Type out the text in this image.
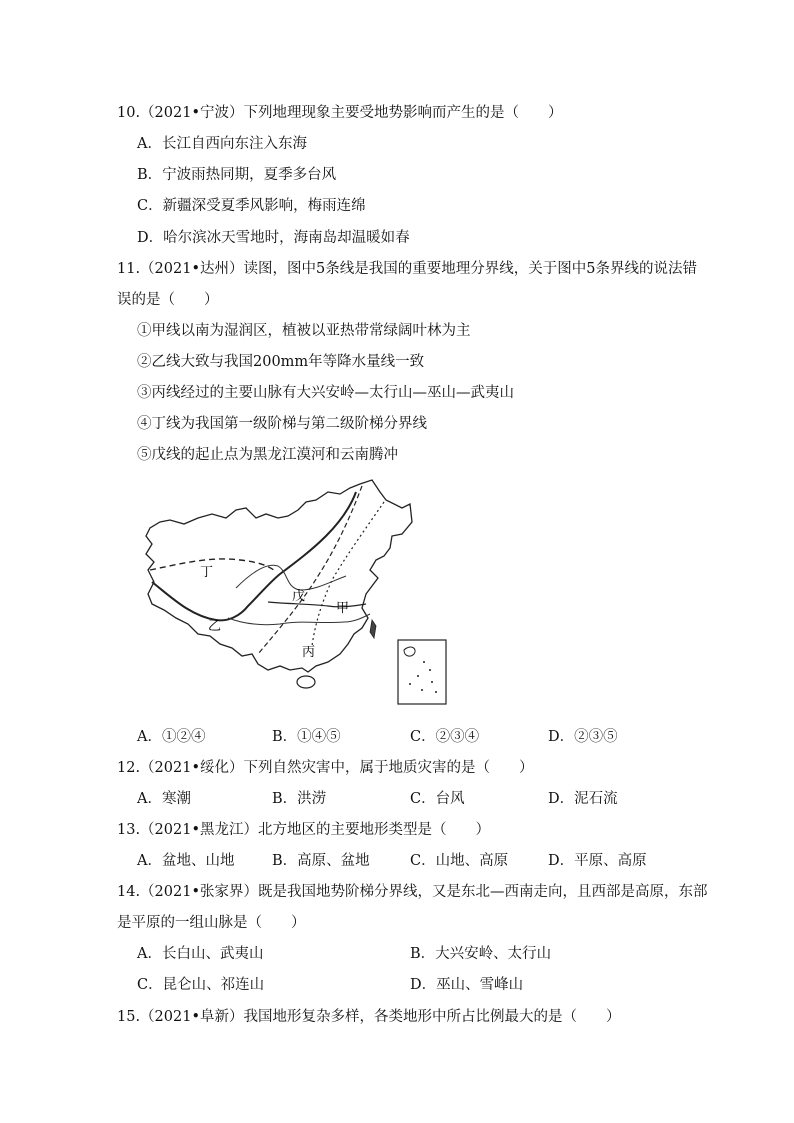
10.（2021•宁波）下列地理现象主要受地势影响而产生的是（　　）
A．长江自西向东注入东海
B．宁波雨热同期，夏季多台风
C．新疆深受夏季风影响，梅雨连绵
D．哈尔滨冰天雪地时，海南岛却温暖如春
11.（2021•达州）读图，图中5条线是我国的重要地理分界线，关于图中5条界线的说法错
误的是（　　）
①甲线以南为湿润区，植被以亚热带常绿阔叶林为主
②乙线大致与我国200mm年等降水量线一致
③丙线经过的主要山脉有大兴安岭—太行山—巫山—武夷山
④丁线为我国第一级阶梯与第二级阶梯分界线
⑤戊线的起止点为黑龙江漠河和云南腾冲
丁
乙
戊
甲
丙
A．①②④	B．①④⑤	C．②③④	D．②③⑤
12.（2021•绥化）下列自然灾害中，属于地质灾害的是（　　）
A．寒潮	B．洪涝	C．台风	D．泥石流
13.（2021•黑龙江）北方地区的主要地形类型是（　　）
A．盆地、山地	B．高原、盆地	C．山地、高原	D．平原、高原
14.（2021•张家界）既是我国地势阶梯分界线，又是东北—西南走向，且西部是高原，东部
是平原的一组山脉是（　　）
A．长白山、武夷山	B．大兴安岭、太行山
C．昆仑山、祁连山	D．巫山、雪峰山
15.（2021•阜新）我国地形复杂多样，各类地形中所占比例最大的是（　　）
